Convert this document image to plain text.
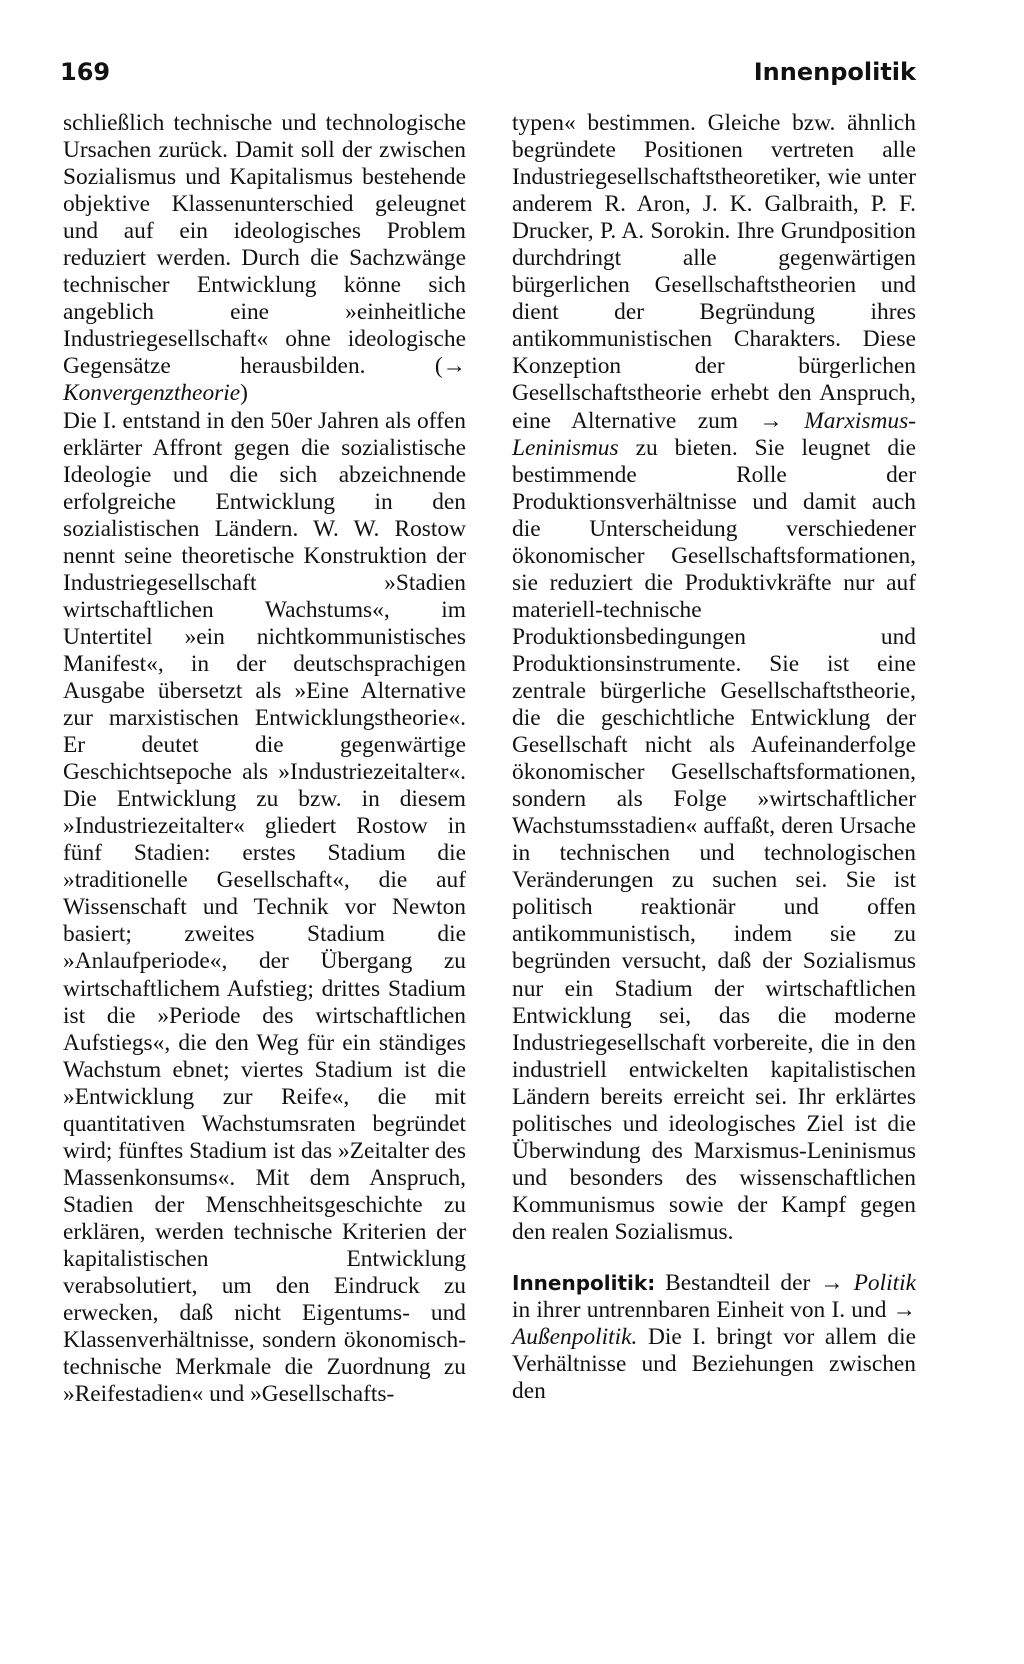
169	Innenpolitik

schließlich technische und technologische Ursachen zurück. Damit soll der zwischen Sozialismus und Kapitalismus bestehende objektive Klassenunterschied geleugnet und auf ein ideologisches Problem reduziert werden. Durch die Sachzwänge technischer Entwicklung könne sich angeblich eine »einheitliche Industriegesellschaft« ohne ideologische Gegensätze herausbilden. (→ Konvergenztheorie)

Die I. entstand in den 50er Jahren als offen erklärter Affront gegen die sozialistische Ideologie und die sich abzeichnende erfolgreiche Entwicklung in den sozialistischen Ländern. W. W. Rostow nennt seine theoretische Konstruktion der Industriegesellschaft »Stadien wirtschaftlichen Wachstums«, im Untertitel »ein nichtkommunistisches Manifest«, in der deutschsprachigen Ausgabe übersetzt als »Eine Alternative zur marxistischen Entwicklungstheorie«. Er deutet die gegenwärtige Geschichtsepoche als »Industriezeitalter«. Die Entwicklung zu bzw. in diesem »Industriezeitalter« gliedert Rostow in fünf Stadien: erstes Stadium die »traditionelle Gesellschaft«, die auf Wissenschaft und Technik vor Newton basiert; zweites Stadium die »Anlaufperiode«, der Übergang zu wirtschaftlichem Aufstieg; drittes Stadium ist die »Periode des wirtschaftlichen Aufstiegs«, die den Weg für ein ständiges Wachstum ebnet; viertes Stadium ist die »Entwicklung zur Reife«, die mit quantitativen Wachstumsraten begründet wird; fünftes Stadium ist das »Zeitalter des Massenkonsums«. Mit dem Anspruch, Stadien der Menschheitsgeschichte zu erklären, werden technische Kriterien der kapitalistischen Entwicklung verabsolutiert, um den Eindruck zu erwecken, daß nicht Eigentums- und Klassenverhältnisse, sondern ökonomisch-technische Merkmale die Zuordnung zu »Reifestadien« und »Gesellschafts-

typen« bestimmen. Gleiche bzw. ähnlich begründete Positionen vertreten alle Industriegesellschaftstheoretiker, wie unter anderem R. Aron, J. K. Galbraith, P. F. Drucker, P. A. Sorokin. Ihre Grundposition durchdringt alle gegenwärtigen bürgerlichen Gesellschaftstheorien und dient der Begründung ihres antikommunistischen Charakters. Diese Konzeption der bürgerlichen Gesellschaftstheorie erhebt den Anspruch, eine Alternative zum → Marxismus-Leninismus zu bieten. Sie leugnet die bestimmende Rolle der Produktionsverhältnisse und damit auch die Unterscheidung verschiedener ökonomischer Gesellschaftsformationen, sie reduziert die Produktivkräfte nur auf materiell-technische Produktionsbedingungen und Produktionsinstrumente. Sie ist eine zentrale bürgerliche Gesellschaftstheorie, die die geschichtliche Entwicklung der Gesellschaft nicht als Aufeinanderfolge ökonomischer Gesellschaftsformationen, sondern als Folge »wirtschaftlicher Wachstumsstadien« auffaßt, deren Ursache in technischen und technologischen Veränderungen zu suchen sei. Sie ist politisch reaktionär und offen antikommunistisch, indem sie zu begründen versucht, daß der Sozialismus nur ein Stadium der wirtschaftlichen Entwicklung sei, das die moderne Industriegesellschaft vorbereite, die in den industriell entwickelten kapitalistischen Ländern bereits erreicht sei. Ihr erklärtes politisches und ideologisches Ziel ist die Überwindung des Marxismus-Leninismus und besonders des wissenschaftlichen Kommunismus sowie der Kampf gegen den realen Sozialismus.

Innenpolitik: Bestandteil der → Politik in ihrer untrennbaren Einheit von I. und → Außenpolitik. Die I. bringt vor allem die Verhältnisse und Beziehungen zwischen den
